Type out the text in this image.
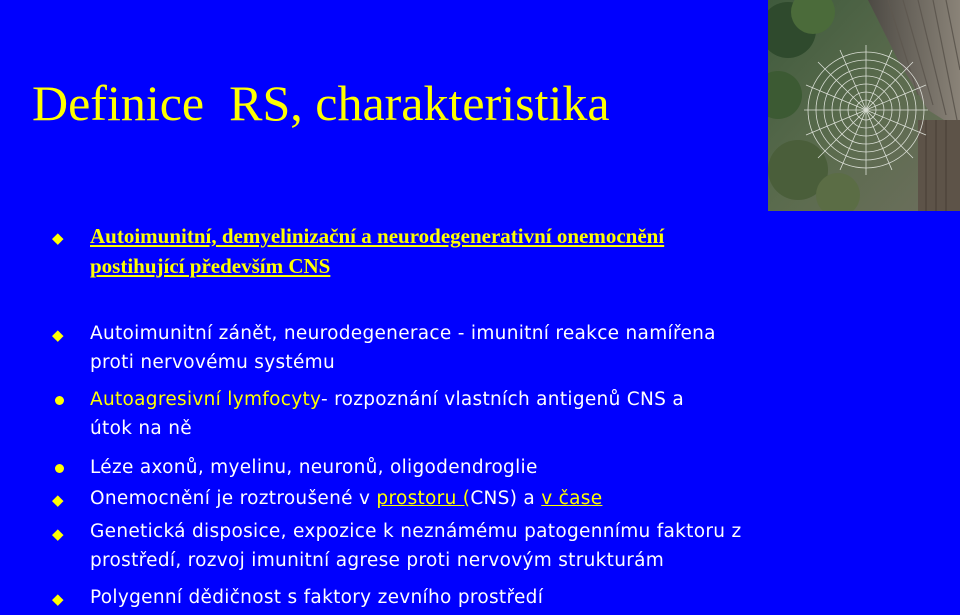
Definice  RS, charakteristika
◆ Autoimunitní, demyelinizační a neurodegenerativní onemocnění
postihující především CNS
◆ Autoimunitní zánět, neurodegenerace - imunitní reakce namířena
proti nervovému systému
Autoagresivní lymfocyty- rozpoznání vlastních antigenů CNS a
útok na ně
Léze axonů, myelinu, neuronů, oligodendroglie
◆ Onemocnění je roztroušené v prostoru (CNS) a v čase
◆ Genetická disposice, expozice k neznámému patogennímu faktoru z
prostředí, rozvoj imunitní agrese proti nervovým strukturám
◆ Polygenní dědičnost s faktory zevního prostředí
